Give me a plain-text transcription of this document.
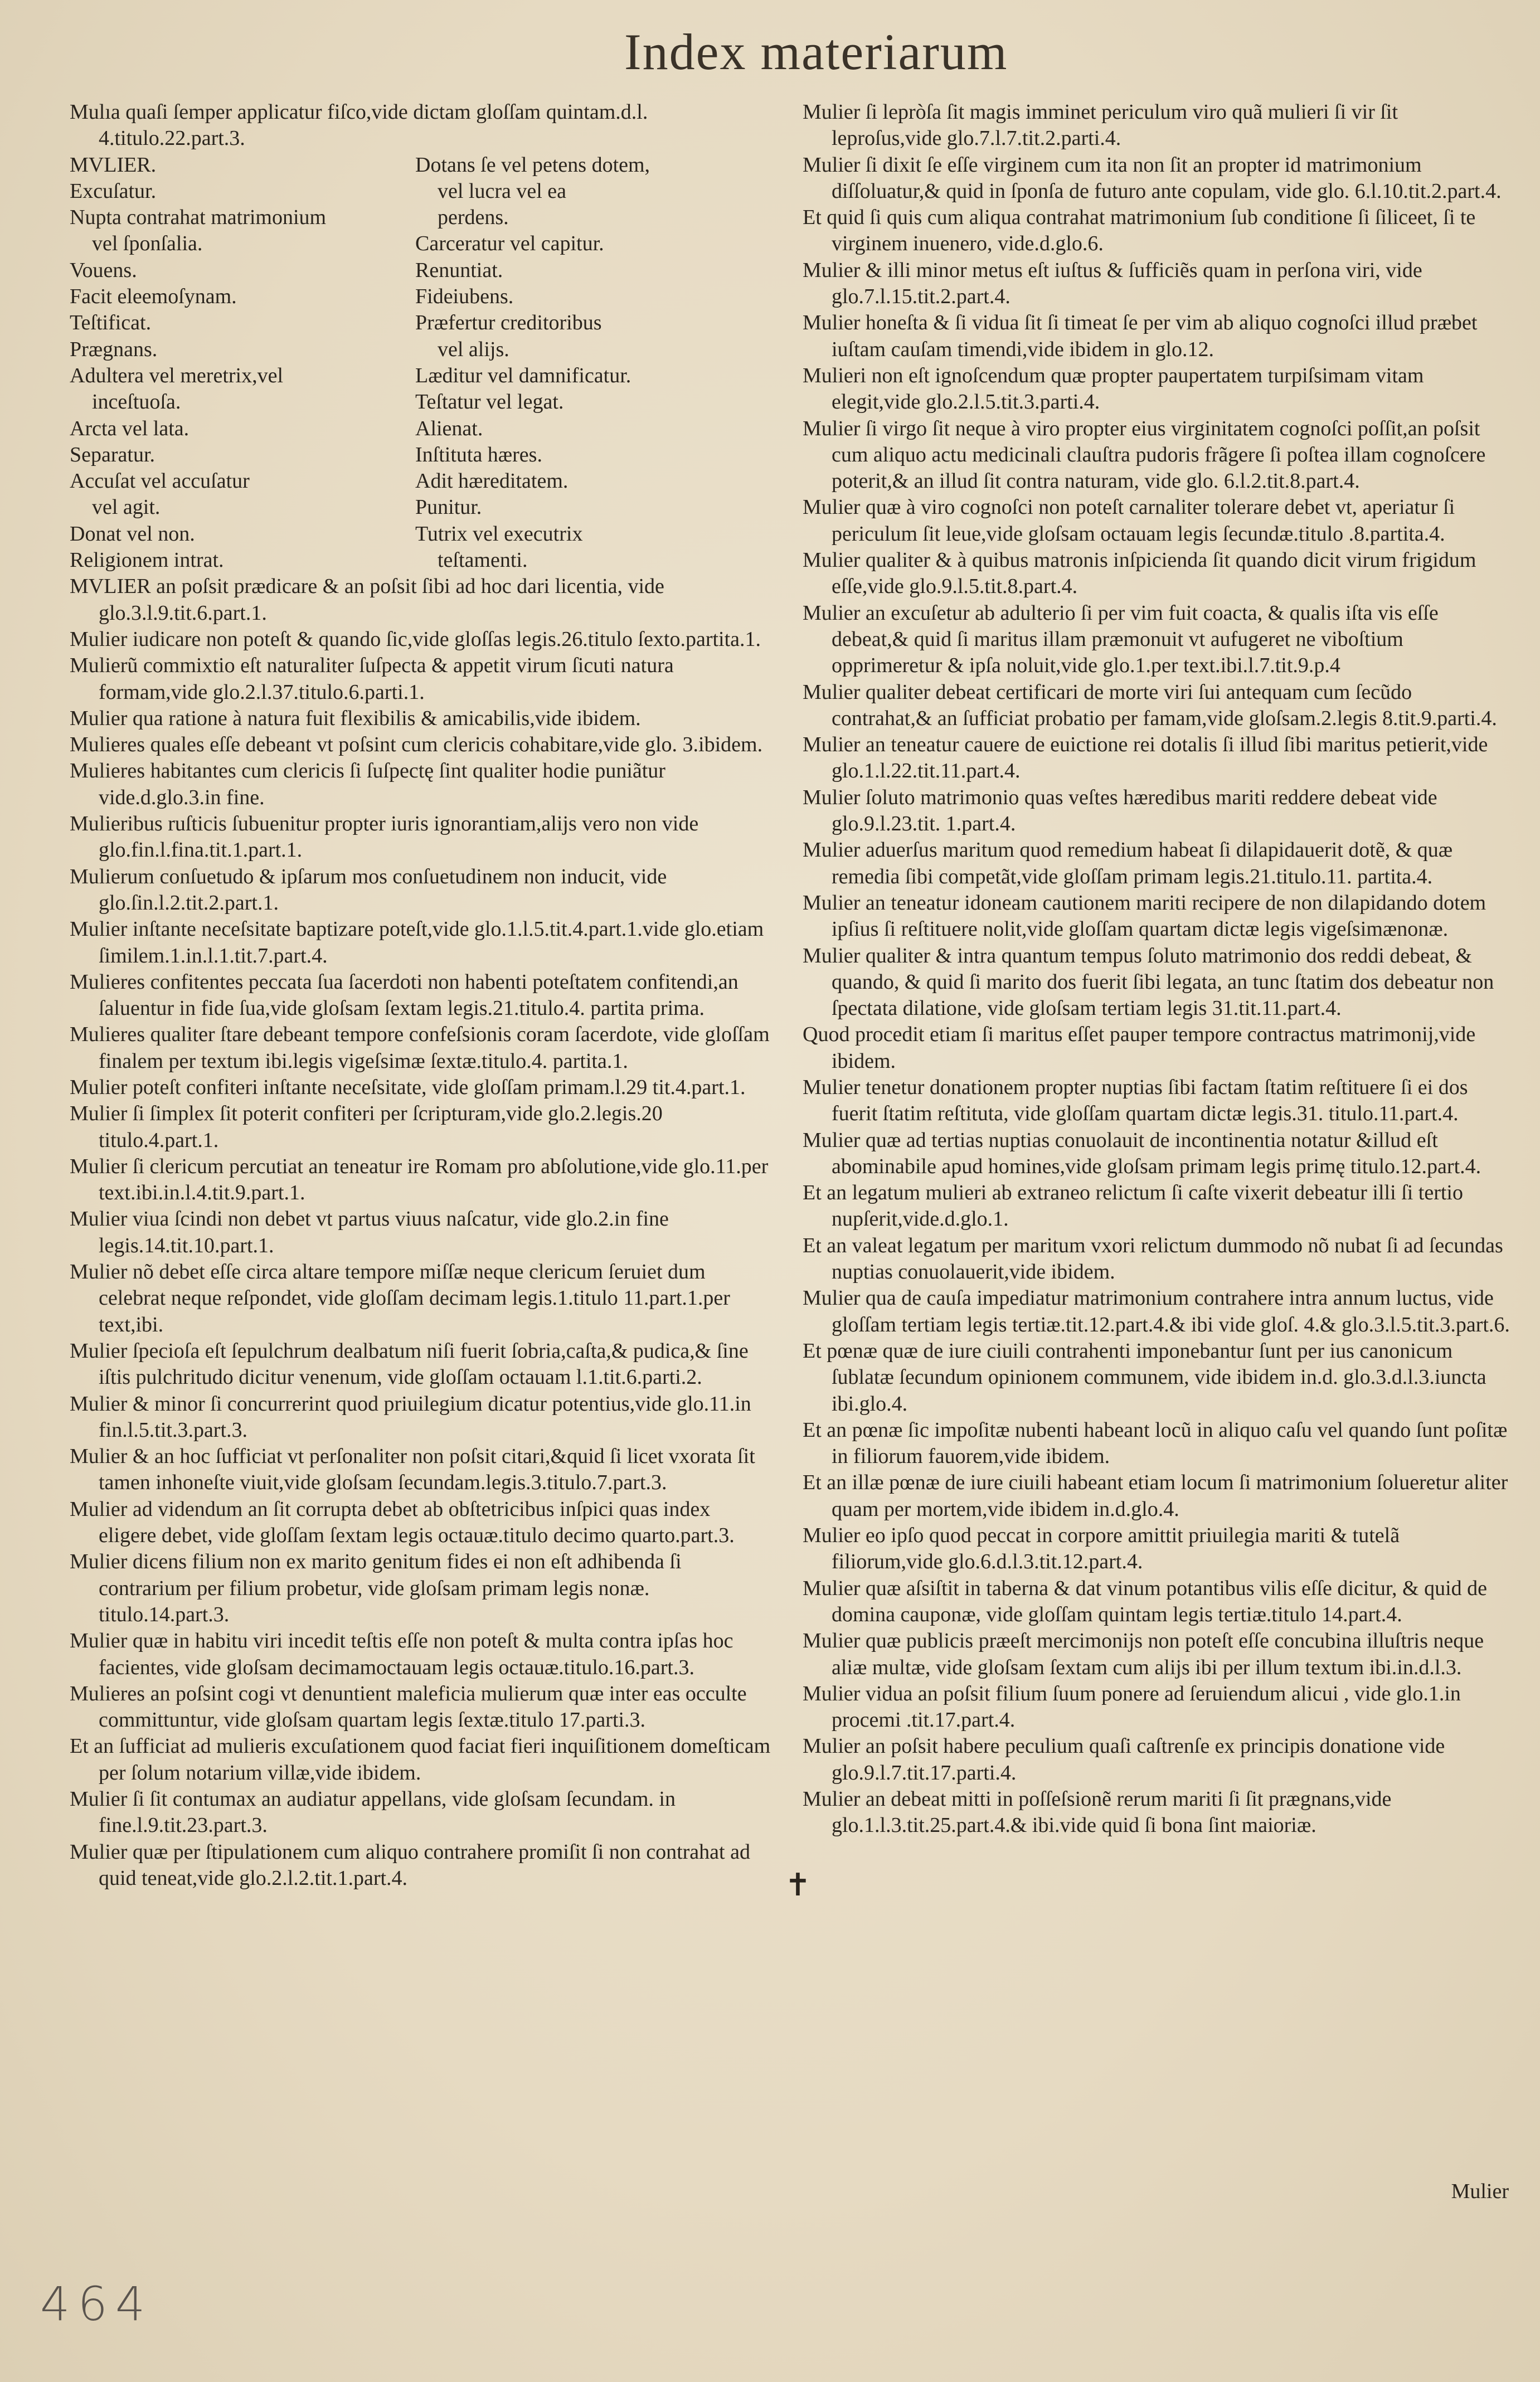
Index materiarum

Mulıa quaſi ſemper applicatur fiſco,vide dictam gloſſam quintam.d.l. 4.titulo.22.part.3.

MVLIER.	Dotans ſe vel petens dotem,
Excuſatur.	vel lucra vel ea
Nupta contrahat matrimonium	perdens.
vel ſponſalia.	Carceratur vel capitur.
Vouens.	Renuntiat.
Facit eleemoſynam.	Fideiubens.
Teſtificat.	Præfertur creditoribus
Prægnans.	vel alijs.
Adultera vel meretrix,vel	Læditur vel damnificatur.
inceſtuoſa.	Teſtatur vel legat.
Arcta vel lata.	Alienat.
Separatur.	Inſtituta hæres.
Accuſat vel accuſatur	Adit hæreditatem.
vel agit.	Punitur.
Donat vel non.	Tutrix vel executrix
Religionem intrat.	teſtamenti.

MVLIER an poſsit prædicare & an poſsit ſibi ad hoc dari licentia, vide glo.3.l.9.tit.6.part.1.

Mulier iudicare non poteſt & quando ſic,vide gloſſas legis.26.titulo ſexto.partita.1.

Mulierũ commixtio eſt naturaliter ſuſpecta & appetit virum ſicuti natura formam,vide glo.2.l.37.titulo.6.parti.1.

Mulier qua ratione à natura fuit flexibilis & amicabilis,vide ibidem.

Mulieres quales eſſe debeant vt poſsint cum clericis cohabitare,vide glo. 3.ibidem.

Mulieres habitantes cum clericis ſi ſuſpectę ſint qualiter hodie puniãtur vide.d.glo.3.in fine.

Mulieribus ruſticis ſubuenitur propter iuris ignorantiam,alijs vero non vide glo.fin.l.fina.tit.1.part.1.

Mulierum conſuetudo & ipſarum mos conſuetudinem non inducit, vide glo.ſin.l.2.tit.2.part.1.

Mulier inſtante neceſsitate baptizare poteſt,vide glo.1.l.5.tit.4.part.1.vide glo.etiam ſimilem.1.in.l.1.tit.7.part.4.

Mulieres confitentes peccata ſua ſacerdoti non habenti poteſtatem confitendi,an ſaluentur in fide ſua,vide gloſsam ſextam legis.21.titulo.4. partita prima.

Mulieres qualiter ſtare debeant tempore confeſsionis coram ſacerdote, vide gloſſam finalem per textum ibi.legis vigeſsimæ ſextæ.titulo.4. partita.1.

Mulier poteſt confiteri inſtante neceſsitate, vide gloſſam primam.l.29 tit.4.part.1.

Mulier ſi ſimplex ſit poterit confiteri per ſcripturam,vide glo.2.legis.20 titulo.4.part.1.

Mulier ſi clericum percutiat an teneatur ire Romam pro abſolutione,vide glo.11.per text.ibi.in.l.4.tit.9.part.1.

Mulier viua ſcindi non debet vt partus viuus naſcatur, vide glo.2.in fine legis.14.tit.10.part.1.

Mulier nõ debet eſſe circa altare tempore miſſæ neque clericum ſeruiet dum celebrat neque reſpondet, vide gloſſam decimam legis.1.titulo 11.part.1.per text,ibi.

Mulier ſpecioſa eſt ſepulchrum dealbatum niſi fuerit ſobria,caſta,& pudica,& ſine iſtis pulchritudo dicitur venenum, vide gloſſam octauam l.1.tit.6.parti.2.

Mulier & minor ſi concurrerint quod priuilegium dicatur potentius,vide glo.11.in fin.l.5.tit.3.part.3.

Mulier & an hoc ſufficiat vt perſonaliter non poſsit citari,&quid ſi licet vxorata ſit tamen inhoneſte viuit,vide gloſsam ſecundam.legis.3.titulo.7.part.3.

Mulier ad videndum an ſit corrupta debet ab obſtetricibus inſpici quas index eligere debet, vide gloſſam ſextam legis octauæ.titulo decimo quarto.part.3.

Mulier dicens filium non ex marito genitum fides ei non eſt adhibenda ſi contrarium per filium probetur, vide gloſsam primam legis nonæ. titulo.14.part.3.

Mulier quæ in habitu viri incedit teſtis eſſe non poteſt & multa contra ipſas hoc facientes, vide gloſsam decimamoctauam legis octauæ.titulo.16.part.3.

Mulieres an poſsint cogi vt denuntient maleficia mulierum quæ inter eas occulte committuntur, vide gloſsam quartam legis ſextæ.titulo 17.parti.3.

Et an ſufficiat ad mulieris excuſationem quod faciat fieri inquiſitionem domeſticam per ſolum notarium villæ,vide ibidem.

Mulier ſi ſit contumax an audiatur appellans, vide gloſsam ſecundam. in fine.l.9.tit.23.part.3.

Mulier quæ per ſtipulationem cum aliquo contrahere promiſit ſi non contrahat ad quid teneat,vide glo.2.l.2.tit.1.part.4.

Mulier ſi lepròſa ſit magis imminet periculum viro quã mulieri ſi vir ſit leproſus,vide glo.7.l.7.tit.2.parti.4.

Mulier ſi dixit ſe eſſe virginem cum ita non ſit an propter id matrimonium diſſoluatur,& quid in ſponſa de futuro ante copulam, vide glo. 6.l.10.tit.2.part.4.

Et quid ſi quis cum aliqua contrahat matrimonium ſub conditione ſi ſiliceet, ſi te virginem inuenero, vide.d.glo.6.

Mulier & illi minor metus eſt iuſtus & ſufficiẽs quam in perſona viri, vide glo.7.l.15.tit.2.part.4.

Mulier honeſta & ſi vidua ſit ſi timeat ſe per vim ab aliquo cognoſci illud præbet iuſtam cauſam timendi,vide ibidem in glo.12.

Mulieri non eſt ignoſcendum quæ propter paupertatem turpiſsimam vitam elegit,vide glo.2.l.5.tit.3.parti.4.

Mulier ſi virgo ſit neque à viro propter eius virginitatem cognoſci poſſit,an poſsit cum aliquo actu medicinali clauſtra pudoris frãgere ſi poſtea illam cognoſcere poterit,& an illud ſit contra naturam, vide glo. 6.l.2.tit.8.part.4.

Mulier quæ à viro cognoſci non poteſt carnaliter tolerare debet vt, aperiatur ſi periculum ſit leue,vide gloſsam octauam legis ſecundæ.titulo .8.partita.4.

Mulier qualiter & à quibus matronis inſpicienda ſit quando dicit virum frigidum eſſe,vide glo.9.l.5.tit.8.part.4.

Mulier an excuſetur ab adulterio ſi per vim fuit coacta, & qualis iſta vis eſſe debeat,& quid ſi maritus illam præmonuit vt aufugeret ne viboſtium opprimeretur & ipſa noluit,vide glo.1.per text.ibi.l.7.tit.9.p.4

Mulier qualiter debeat certificari de morte viri ſui antequam cum ſecũdo contrahat,& an ſufficiat probatio per famam,vide gloſsam.2.legis 8.tit.9.parti.4.

Mulier an teneatur cauere de euictione rei dotalis ſi illud ſibi maritus petierit,vide glo.1.l.22.tit.11.part.4.

Mulier ſoluto matrimonio quas veſtes hæredibus mariti reddere debeat vide glo.9.l.23.tit. 1.part.4.

Mulier aduerſus maritum quod remedium habeat ſi dilapidauerit dotẽ, & quæ remedia ſibi competãt,vide gloſſam primam legis.21.titulo.11. partita.4.

Mulier an teneatur idoneam cautionem mariti recipere de non dilapidando dotem ipſius ſi reſtituere nolit,vide gloſſam quartam dictæ legis vigeſsimænonæ.

Mulier qualiter & intra quantum tempus ſoluto matrimonio dos reddi debeat, & quando, & quid ſi marito dos fuerit ſibi legata, an tunc ſtatim dos debeatur non ſpectata dilatione, vide gloſsam tertiam legis 31.tit.11.part.4.

Quod procedit etiam ſi maritus eſſet pauper tempore contractus matrimonij,vide ibidem.

Mulier tenetur donationem propter nuptias ſibi factam ſtatim reſtituere ſi ei dos fuerit ſtatim reſtituta, vide gloſſam quartam dictæ legis.31. titulo.11.part.4.

Mulier quæ ad tertias nuptias conuolauit de incontinentia notatur &illud eſt abominabile apud homines,vide gloſsam primam legis primę titulo.12.part.4.

Et an legatum mulieri ab extraneo relictum ſi caſte vixerit debeatur illi ſi tertio nupſerit,vide.d.glo.1.

Et an valeat legatum per maritum vxori relictum dummodo nõ nubat ſi ad ſecundas nuptias conuolauerit,vide ibidem.

Mulier qua de cauſa impediatur matrimonium contrahere intra annum luctus, vide gloſſam tertiam legis tertiæ.tit.12.part.4.& ibi vide gloſ. 4.& glo.3.l.5.tit.3.part.6.

Et pœnæ quæ de iure ciuili contrahenti imponebantur ſunt per ius canonicum ſublatæ ſecundum opinionem communem, vide ibidem in.d. glo.3.d.l.3.iuncta ibi.glo.4.

Et an pœnæ ſic impoſitæ nubenti habeant locũ in aliquo caſu vel quando ſunt poſitæ in filiorum fauorem,vide ibidem.

Et an illæ pœnæ de iure ciuili habeant etiam locum ſi matrimonium ſolueretur aliter quam per mortem,vide ibidem in.d.glo.4.

Mulier eo ipſo quod peccat in corpore amittit priuilegia mariti & tutelã filiorum,vide glo.6.d.l.3.tit.12.part.4.

Mulier quæ aſsiſtit in taberna & dat vinum potantibus vilis eſſe dicitur, & quid de domina cauponæ, vide gloſſam quintam legis tertiæ.titulo 14.part.4.

Mulier quæ publicis præeſt mercimonijs non poteſt eſſe concubina illuſtris neque aliæ multæ, vide gloſsam ſextam cum alijs ibi per illum textum ibi.in.d.l.3.

Mulier vidua an poſsit filium ſuum ponere ad ſeruiendum alicui , vide glo.1.in procemi .tit.17.part.4.

Mulier an poſsit habere peculium quaſi caſtrenſe ex principis donatione vide glo.9.l.7.tit.17.parti.4.

Mulier an debeat mitti in poſſeſsionẽ rerum mariti ſi ſit prægnans,vide glo.1.l.3.tit.25.part.4.& ibi.vide quid ſi bona ſint maioriæ.

✝
Mulier
464
